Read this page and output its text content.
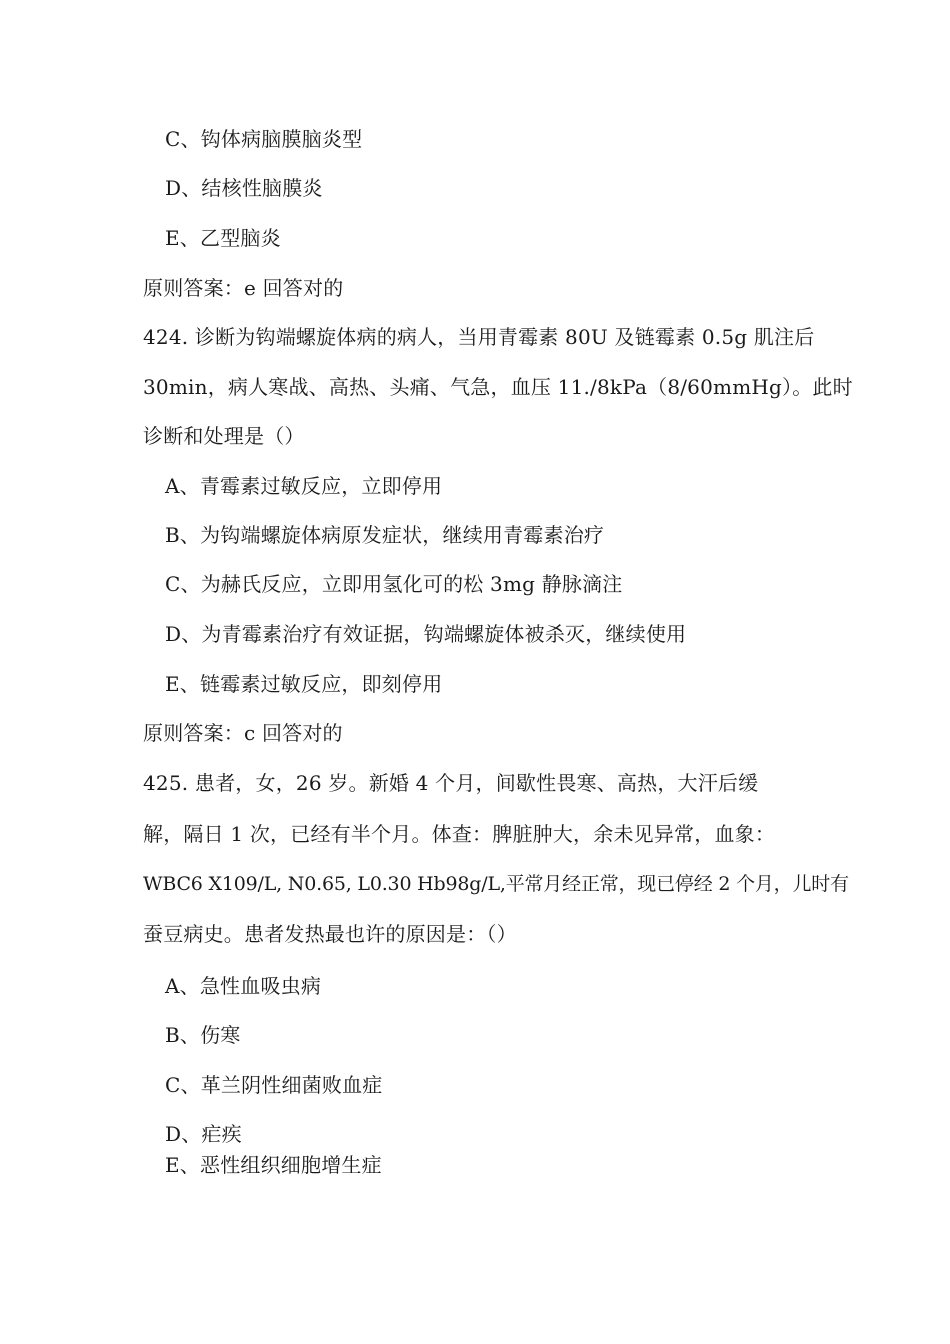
C、钩体病脑膜脑炎型
D、结核性脑膜炎
E、乙型脑炎
原则答案：e 回答对的
424. 诊断为钩端螺旋体病的病人，当用青霉素 80U 及链霉素 0.5g 肌注后
30min，病人寒战、高热、头痛、气急，血压 11./8kPa（8/60mmHg）。此时
诊断和处理是（）
A、青霉素过敏反应，立即停用
B、为钩端螺旋体病原发症状，继续用青霉素治疗
C、为赫氏反应，立即用氢化可的松 3mg 静脉滴注
D、为青霉素治疗有效证据，钩端螺旋体被杀灭，继续使用
E、链霉素过敏反应，即刻停用
原则答案：c 回答对的
425. 患者，女，26 岁。新婚 4 个月，间歇性畏寒、高热，大汗后缓
解，隔日 1 次，已经有半个月。体查：脾脏肿大，余未见异常，血象：
WBC6 X109/L, N0.65, L0.30 Hb98g/L,平常月经正常，现已停经 2 个月，儿时有
蚕豆病史。患者发热最也许的原因是：（）
A、急性血吸虫病
B、伤寒
C、革兰阴性细菌败血症
D、疟疾
E、恶性组织细胞增生症
